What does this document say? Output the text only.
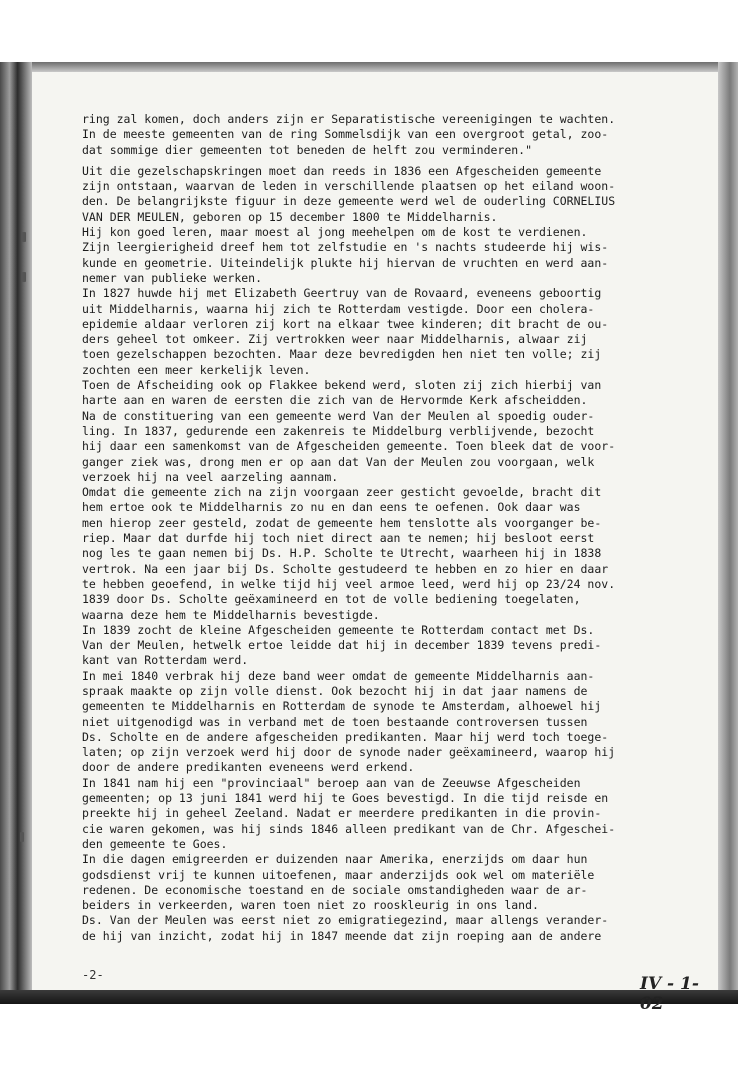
ring zal komen, doch anders zijn er Separatistische vereenigingen te wachten.
In de meeste gemeenten van de ring Sommelsdijk van een overgroot getal, zoo-
dat sommige dier gemeenten tot beneden de helft zou verminderen."
Uit die gezelschapskringen moet dan reeds in 1836 een Afgescheiden gemeente
zijn ontstaan, waarvan de leden in verschillende plaatsen op het eiland woon-
den. De belangrijkste figuur in deze gemeente werd wel de ouderling CORNELIUS
VAN DER MEULEN, geboren op 15 december 1800 te Middelharnis.
Hij kon goed leren, maar moest al jong meehelpen om de kost te verdienen.
Zijn leergierigheid dreef hem tot zelfstudie en 's nachts studeerde hij wis-
kunde en geometrie. Uiteindelijk plukte hij hiervan de vruchten en werd aan-
nemer van publieke werken.
In 1827 huwde hij met Elizabeth Geertruy van de Rovaard, eveneens geboortig
uit Middelharnis, waarna hij zich te Rotterdam vestigde. Door een cholera-
epidemie aldaar verloren zij kort na elkaar twee kinderen; dit bracht de ou-
ders geheel tot omkeer. Zij vertrokken weer naar Middelharnis, alwaar zij
toen gezelschappen bezochten. Maar deze bevredigden hen niet ten volle; zij
zochten een meer kerkelijk leven.
Toen de Afscheiding ook op Flakkee bekend werd, sloten zij zich hierbij van
harte aan en waren de eersten die zich van de Hervormde Kerk afscheidden.
Na de constituering van een gemeente werd Van der Meulen al spoedig ouder-
ling. In 1837, gedurende een zakenreis te Middelburg verblijvende, bezocht
hij daar een samenkomst van de Afgescheiden gemeente. Toen bleek dat de voor-
ganger ziek was, drong men er op aan dat Van der Meulen zou voorgaan, welk
verzoek hij na veel aarzeling aannam.
Omdat die gemeente zich na zijn voorgaan zeer gesticht gevoelde, bracht dit
hem ertoe ook te Middelharnis zo nu en dan eens te oefenen. Ook daar was
men hierop zeer gesteld, zodat de gemeente hem tenslotte als voorganger be-
riep. Maar dat durfde hij toch niet direct aan te nemen; hij besloot eerst
nog les te gaan nemen bij Ds. H.P. Scholte te Utrecht, waarheen hij in 1838
vertrok. Na een jaar bij Ds. Scholte gestudeerd te hebben en zo hier en daar
te hebben geoefend, in welke tijd hij veel armoe leed, werd hij op 23/24 nov.
1839 door Ds. Scholte geëxamineerd en tot de volle bediening toegelaten,
waarna deze hem te Middelharnis bevestigde.
In 1839 zocht de kleine Afgescheiden gemeente te Rotterdam contact met Ds.
Van der Meulen, hetwelk ertoe leidde dat hij in december 1839 tevens predi-
kant van Rotterdam werd.
In mei 1840 verbrak hij deze band weer omdat de gemeente Middelharnis aan-
spraak maakte op zijn volle dienst. Ook bezocht hij in dat jaar namens de
gemeenten te Middelharnis en Rotterdam de synode te Amsterdam, alhoewel hij
niet uitgenodigd was in verband met de toen bestaande controversen tussen
Ds. Scholte en de andere afgescheiden predikanten. Maar hij werd toch toege-
laten; op zijn verzoek werd hij door de synode nader geëxamineerd, waarop hij
door de andere predikanten eveneens werd erkend.
In 1841 nam hij een "provinciaal" beroep aan van de Zeeuwse Afgescheiden
gemeenten; op 13 juni 1841 werd hij te Goes bevestigd. In die tijd reisde en
preekte hij in geheel Zeeland. Nadat er meerdere predikanten in die provin-
cie waren gekomen, was hij sinds 1846 alleen predikant van de Chr. Afgeschei-
den gemeente te Goes.
In die dagen emigreerden er duizenden naar Amerika, enerzijds om daar hun
godsdienst vrij te kunnen uitoefenen, maar anderzijds ook wel om materiële
redenen. De economische toestand en de sociale omstandigheden waar de ar-
beiders in verkeerden, waren toen niet zo rooskleurig in ons land.
Ds. Van der Meulen was eerst niet zo emigratiegezind, maar allengs verander-
de hij van inzicht, zodat hij in 1847 meende dat zijn roeping aan de andere
-2-	IV - 1-02
